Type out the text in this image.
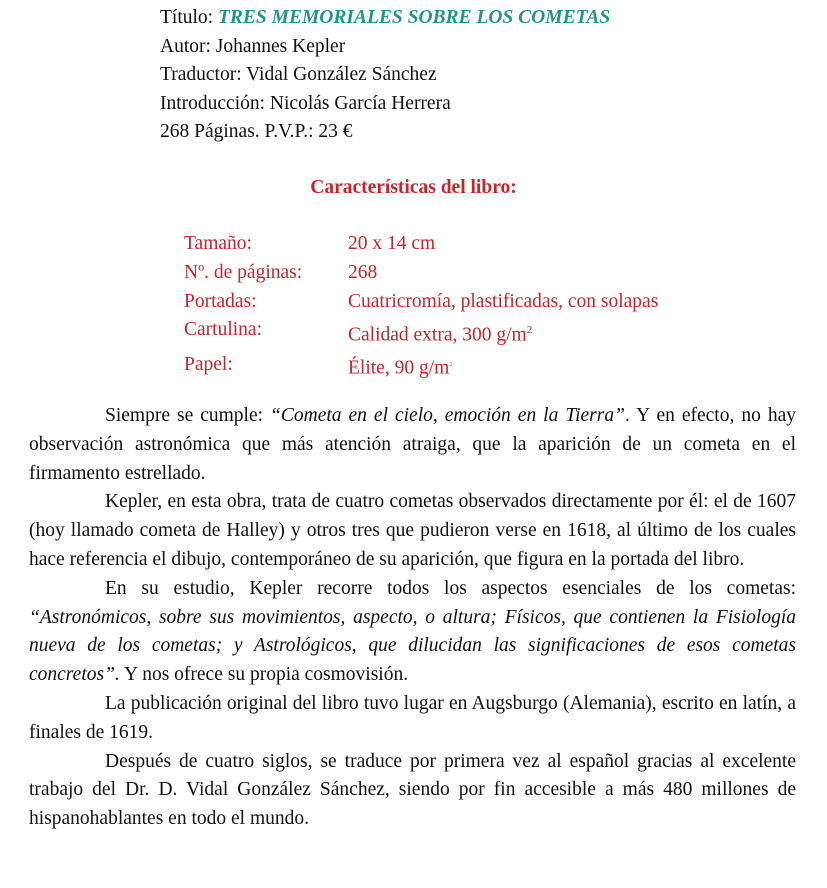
Título: TRES MEMORIALES SOBRE LOS COMETAS
Autor: Johannes Kepler
Traductor: Vidal González Sánchez
Introducción: Nicolás García Herrera
268 Páginas. P.V.P.: 23 €
Características del libro:
Tamaño:	20 x 14 cm
Nº. de páginas:	268
Portadas:	Cuatricromía, plastificadas, con solapas
Cartulina:	Calidad extra, 300 $g/m^2$
Papel:	Élite, 90 $g/m^2$

Siempre se cumple: “Cometa en el cielo, emoción en la Tierra”. Y en efecto, no hay observación astronómica que más atención atraiga, que la aparición de un cometa en el firmamento estrellado.

Kepler, en esta obra, trata de cuatro cometas observados directamente por él: el de 1607 (hoy llamado cometa de Halley) y otros tres que pudieron verse en 1618, al último de los cuales hace referencia el dibujo, contemporáneo de su aparición, que figura en la portada del libro.

En su estudio, Kepler recorre todos los aspectos esenciales de los cometas: “Astronómicos, sobre sus movimientos, aspecto, o altura; Físicos, que contienen la Fisiología nueva de los cometas; y Astrológicos, que dilucidan las significaciones de esos cometas concretos”. Y nos ofrece su propia cosmovisión.

La publicación original del libro tuvo lugar en Augsburgo (Alemania), escrito en latín, a finales de 1619.

Después de cuatro siglos, se traduce por primera vez al español gracias al excelente trabajo del Dr. D. Vidal González Sánchez, siendo por fin accesible a más 480 millones de hispanohablantes en todo el mundo.
